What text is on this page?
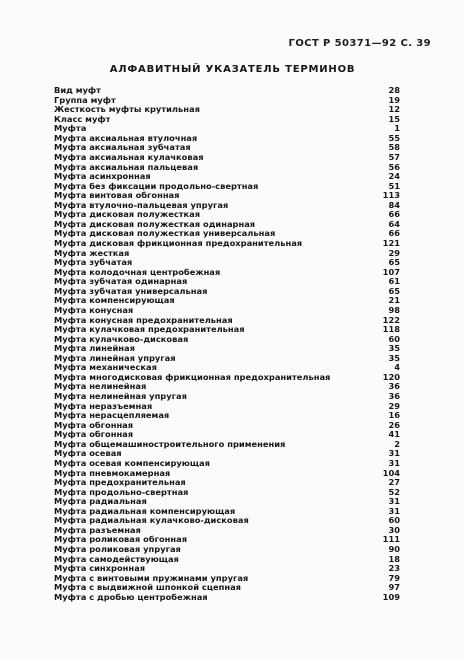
ГОСТ Р 50371—92 С. 39
АЛФАВИТНЫЙ УКАЗАТЕЛЬ ТЕРМИНОВ
Вид муфт	28
Группа муфт	19
Жесткость муфты крутильная	12
Класс муфт	15
Муфта	1
Муфта аксиальная втулочная	55
Муфта аксиальная зубчатая	58
Муфта аксиальная кулачковая	57
Муфта аксиальная пальцевая	56
Муфта асинхронная	24
Муфта без фиксации продольно-свертная	51
Муфта винтовая обгонная	113
Муфта втулочно-пальцевая упругая	84
Муфта дисковая полужесткая	66
Муфта дисковая полужесткая одинарная	64
Муфта дисковая полужесткая универсальная	66
Муфта дисковая фрикционная предохранительная	121
Муфта жесткая	29
Муфта зубчатая	65
Муфта колодочная центробежная	107
Муфта зубчатая одинарная	61
Муфта зубчатая универсальная	65
Муфта компенсирующая	21
Муфта конусная	98
Муфта конусная предохранительная	122
Муфта кулачковая предохранительная	118
Муфта кулачково-дисковая	60
Муфта линейная	35
Муфта линейная упругая	35
Муфта механическая	4
Муфта многодисковая фрикционная предохранительная	120
Муфта нелинейная	36
Муфта нелинейная упругая	36
Муфта неразъемная	29
Муфта нерасцепляемая	16
Муфта обгонная	26
Муфта обгонная	41
Муфта общемашиностроительного применения	2
Муфта осевая	31
Муфта осевая компенсирующая	31
Муфта пневмокамерная	104
Муфта предохранительная	27
Муфта продольно-свертная	52
Муфта радиальная	31
Муфта радиальная компенсирующая	31
Муфта радиальная кулачково-дисковая	60
Муфта разъемная	30
Муфта роликовая обгонная	111
Муфта роликовая упругая	90
Муфта самодействующая	18
Муфта синхронная	23
Муфта с винтовыми пружинами упругая	79
Муфта с выдвижной шпонкой сцепная	97
Муфта с дробью центробежная	109
